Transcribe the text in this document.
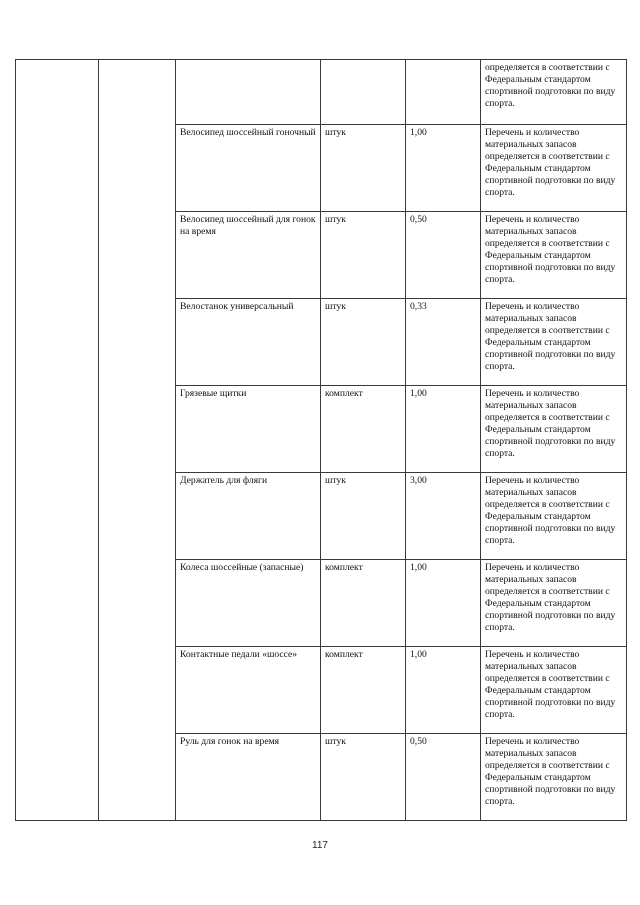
					определяется в соответствии с Федеральным стандартом спортивной подготовки по виду спорта.
		Велосипед шоссейный гоночный	штук	1,00	Перечень и количество материальных запасов определяется в соответствии с Федеральным стандартом спортивной подготовки по виду спорта.
		Велосипед шоссейный для гонок на время	штук	0,50	Перечень и количество материальных запасов определяется в соответствии с Федеральным стандартом спортивной подготовки по виду спорта.
		Велостанок универсальный	штук	0,33	Перечень и количество материальных запасов определяется в соответствии с Федеральным стандартом спортивной подготовки по виду спорта.
		Грязевые щитки	комплект	1,00	Перечень и количество материальных запасов определяется в соответствии с Федеральным стандартом спортивной подготовки по виду спорта.
		Держатель для фляги	штук	3,00	Перечень и количество материальных запасов определяется в соответствии с Федеральным стандартом спортивной подготовки по виду спорта.
		Колеса шоссейные (запасные)	комплект	1,00	Перечень и количество материальных запасов определяется в соответствии с Федеральным стандартом спортивной подготовки по виду спорта.
		Контактные педали «шоссе»	комплект	1,00	Перечень и количество материальных запасов определяется в соответствии с Федеральным стандартом спортивной подготовки по виду спорта.
		Руль для гонок на время	штук	0,50	Перечень и количество материальных запасов определяется в соответствии с Федеральным стандартом спортивной подготовки по виду спорта.
117
